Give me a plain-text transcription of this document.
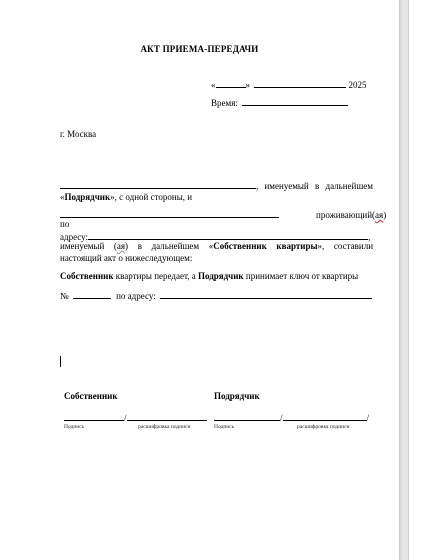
АКТ ПРИЕМА-ПЕРЕДАЧИ
«	»	2025
Время:
г. Москва
, именуемый в дальнейшем
«Подрядчик», с одной стороны, и
проживающий(ая)
по
адресу:	,
именуемый (ая) в дальнейшем «Собственник квартиры», составили
настоящий акт о нижеследующем:
Собственник квартиры передает, а Подрядчик принимает ключ от квартиры
№	по адресу:
Собственник	Подрядчик
/	/	/
Подпись	расшифровка подписи	Подпись	расшифровка подписи
